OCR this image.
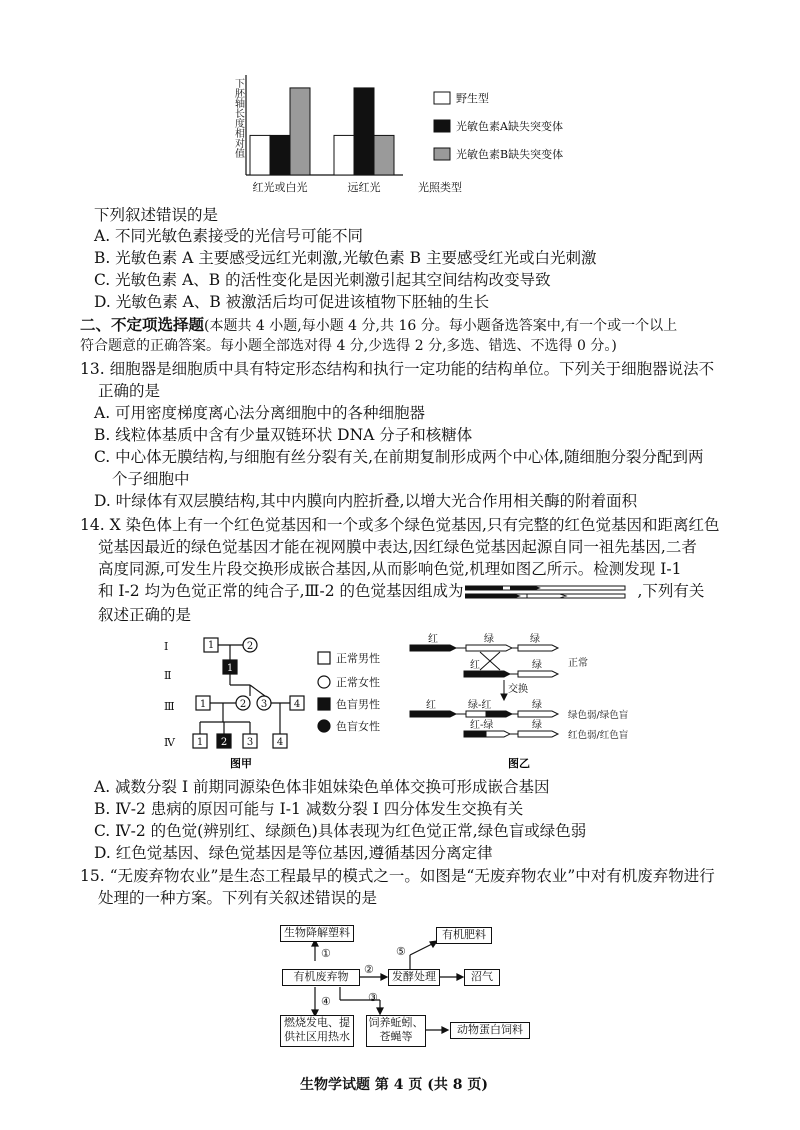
下胚轴长度相对值
红光或白光	远红光	光照类型
野生型
光敏色素A缺失突变体
光敏色素B缺失突变体
下列叙述错误的是
A. 不同光敏色素接受的光信号可能不同
B. 光敏色素 A 主要感受远红光刺激,光敏色素 B 主要感受红光或白光刺激
C. 光敏色素 A、B 的活性变化是因光刺激引起其空间结构改变导致
D. 光敏色素 A、B 被激活后均可促进该植物下胚轴的生长
二、不定项选择题(本题共 4 小题,每小题 4 分,共 16 分。每小题备选答案中,有一个或一个以上
符合题意的正确答案。每小题全部选对得 4 分,少选得 2 分,多选、错选、不选得 0 分。)
13. 细胞器是细胞质中具有特定形态结构和执行一定功能的结构单位。下列关于细胞器说法不
正确的是
A. 可用密度梯度离心法分离细胞中的各种细胞器
B. 线粒体基质中含有少量双链环状 DNA 分子和核糖体
C. 中心体无膜结构,与细胞有丝分裂有关,在前期复制形成两个中心体,随细胞分裂分配到两
个子细胞中
D. 叶绿体有双层膜结构,其中内膜向内腔折叠,以增大光合作用相关酶的附着面积
14. X 染色体上有一个红色觉基因和一个或多个绿色觉基因,只有完整的红色觉基因和距离红色
觉基因最近的绿色觉基因才能在视网膜中表达,因红绿色觉基因起源自同一祖先基因,二者
高度同源,可发生片段交换形成嵌合基因,从而影响色觉,机理如图乙所示。检测发现 Ⅰ-1
和 Ⅰ-2 均为色觉正常的纯合子,Ⅲ-2 的色觉基因组成为	,下列有关
叙述正确的是
Ⅰ
Ⅱ
Ⅲ
Ⅳ
1	2
1
1	2 3	4
1 2 3 4
正常男性
正常女性
色盲男性
色盲女性
图甲
红	绿	绿
红	绿	正常
交换
红	绿-红	绿
绿色弱/绿色盲
红-绿	绿
红色弱/红色盲
图乙
A. 减数分裂 Ⅰ 前期同源染色体非姐妹染色单体交换可形成嵌合基因
B. Ⅳ-2 患病的原因可能与 Ⅰ-1 减数分裂 Ⅰ 四分体发生交换有关
C. Ⅳ-2 的色觉(辨别红、绿颜色)具体表现为红色觉正常,绿色盲或绿色弱
D. 红色觉基因、绿色觉基因是等位基因,遵循基因分离定律
15. “无废弃物农业”是生态工程最早的模式之一。如图是“无废弃物农业”中对有机废弃物进行
处理的一种方案。下列有关叙述错误的是
①
②
③
④
⑤
生物降解塑料	有机肥料
有机废弃物	发酵处理	沼气
燃烧发电、提
供社区用热水
饲养蚯蚓、
苍蝇等
动物蛋白饲料
生物学试题 第 4 页 (共 8 页)
